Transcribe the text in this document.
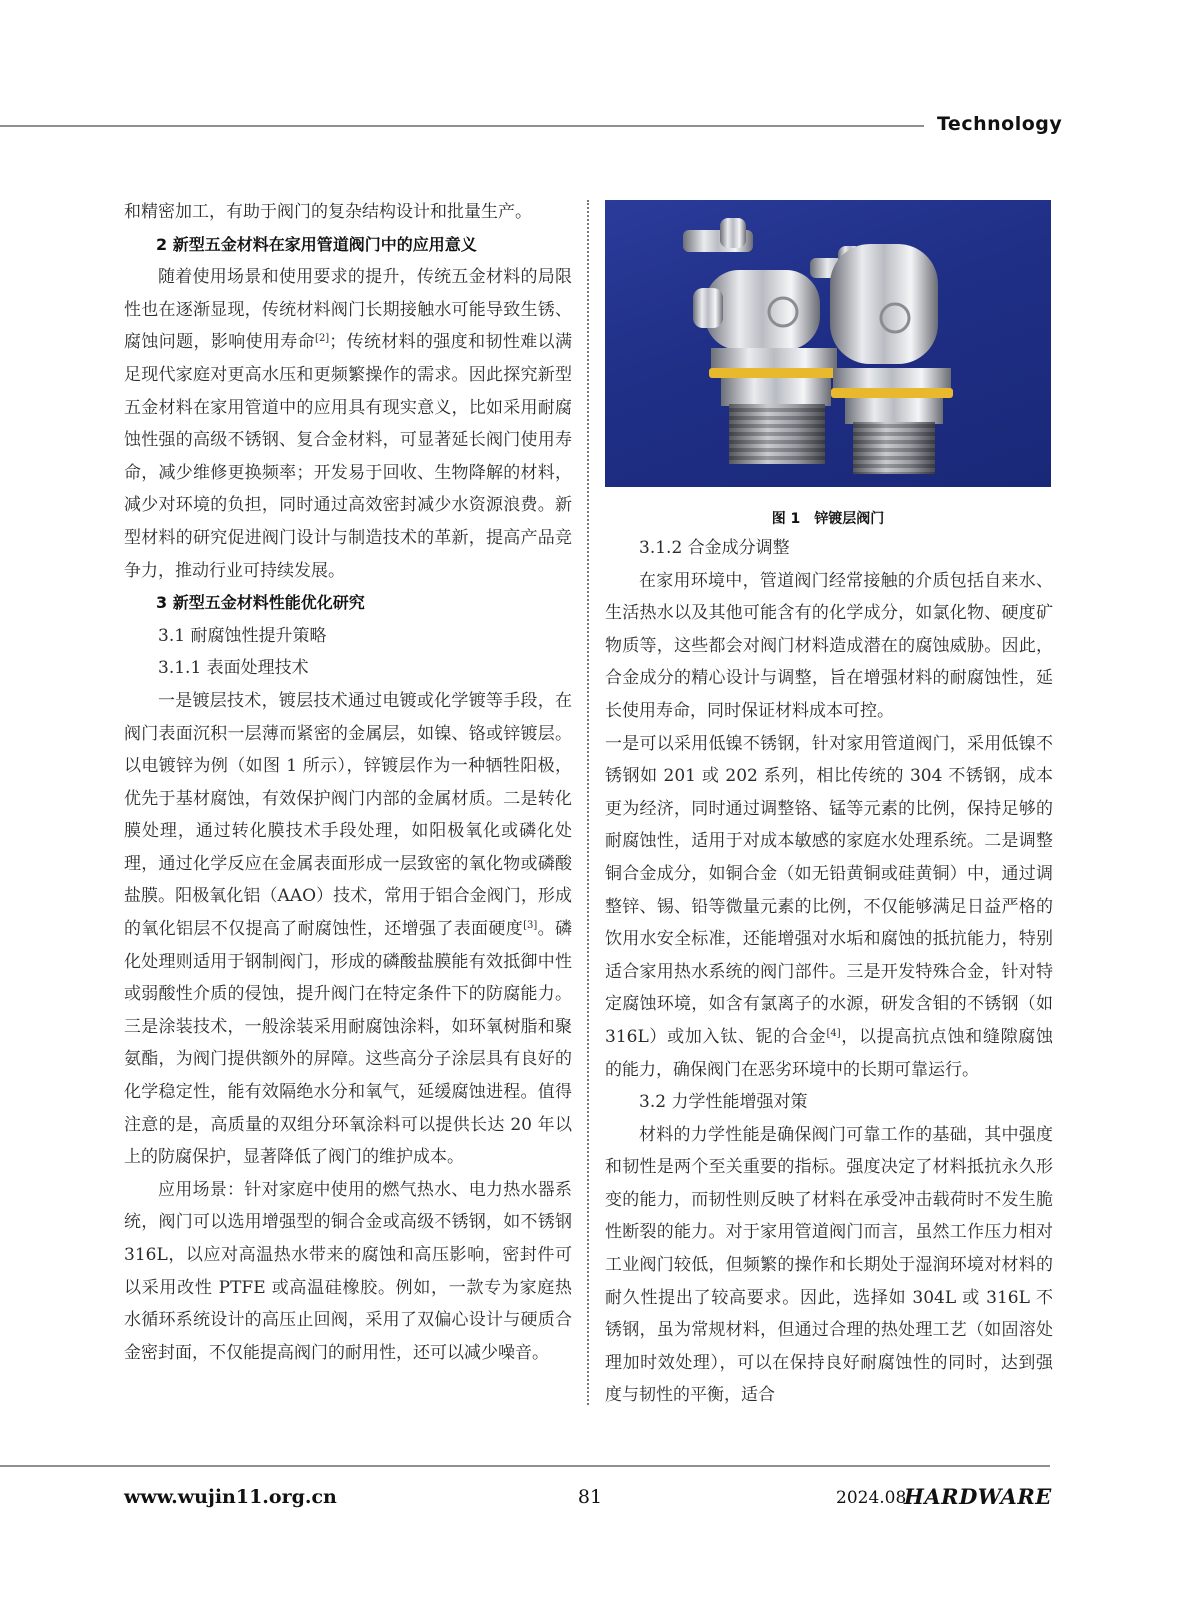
Technology

和精密加工，有助于阀门的复杂结构设计和批量生产。

2 新型五金材料在家用管道阀门中的应用意义

随着使用场景和使用要求的提升，传统五金材料的局限性也在逐渐显现，传统材料阀门长期接触水可能导致生锈、腐蚀问题，影响使用寿命[2]；传统材料的强度和韧性难以满足现代家庭对更高水压和更频繁操作的需求。因此探究新型五金材料在家用管道中的应用具有现实意义，比如采用耐腐蚀性强的高级不锈钢、复合金材料，可显著延长阀门使用寿命，减少维修更换频率；开发易于回收、生物降解的材料，减少对环境的负担，同时通过高效密封减少水资源浪费。新型材料的研究促进阀门设计与制造技术的革新，提高产品竞争力，推动行业可持续发展。

3 新型五金材料性能优化研究

3.1 耐腐蚀性提升策略

3.1.1 表面处理技术

一是镀层技术，镀层技术通过电镀或化学镀等手段，在阀门表面沉积一层薄而紧密的金属层，如镍、铬或锌镀层。以电镀锌为例（如图 1 所示），锌镀层作为一种牺牲阳极，优先于基材腐蚀，有效保护阀门内部的金属材质。二是转化膜处理，通过转化膜技术手段处理，如阳极氧化或磷化处理，通过化学反应在金属表面形成一层致密的氧化物或磷酸盐膜。阳极氧化铝（AAO）技术，常用于铝合金阀门，形成的氧化铝层不仅提高了耐腐蚀性，还增强了表面硬度[3]。磷化处理则适用于钢制阀门，形成的磷酸盐膜能有效抵御中性或弱酸性介质的侵蚀，提升阀门在特定条件下的防腐能力。三是涂装技术，一般涂装采用耐腐蚀涂料，如环氧树脂和聚氨酯，为阀门提供额外的屏障。这些高分子涂层具有良好的化学稳定性，能有效隔绝水分和氧气，延缓腐蚀进程。值得注意的是，高质量的双组分环氧涂料可以提供长达 20 年以上的防腐保护，显著降低了阀门的维护成本。

应用场景：针对家庭中使用的燃气热水、电力热水器系统，阀门可以选用增强型的铜合金或高级不锈钢，如不锈钢 316L，以应对高温热水带来的腐蚀和高压影响，密封件可以采用改性 PTFE 或高温硅橡胶。例如，一款专为家庭热水循环系统设计的高压止回阀，采用了双偏心设计与硬质合金密封面，不仅能提高阀门的耐用性，还可以减少噪音。

图 1 锌镀层阀门

3.1.2 合金成分调整

在家用环境中，管道阀门经常接触的介质包括自来水、生活热水以及其他可能含有的化学成分，如氯化物、硬度矿物质等，这些都会对阀门材料造成潜在的腐蚀威胁。因此，合金成分的精心设计与调整，旨在增强材料的耐腐蚀性，延长使用寿命，同时保证材料成本可控。

一是可以采用低镍不锈钢，针对家用管道阀门，采用低镍不锈钢如 201 或 202 系列，相比传统的 304 不锈钢，成本更为经济，同时通过调整铬、锰等元素的比例，保持足够的耐腐蚀性，适用于对成本敏感的家庭水处理系统。二是调整铜合金成分，如铜合金（如无铅黄铜或硅黄铜）中，通过调整锌、锡、铅等微量元素的比例，不仅能够满足日益严格的饮用水安全标准，还能增强对水垢和腐蚀的抵抗能力，特别适合家用热水系统的阀门部件。三是开发特殊合金，针对特定腐蚀环境，如含有氯离子的水源，研发含钼的不锈钢（如 316L）或加入钛、铌的合金[4]，以提高抗点蚀和缝隙腐蚀的能力，确保阀门在恶劣环境中的长期可靠运行。

3.2 力学性能增强对策

材料的力学性能是确保阀门可靠工作的基础，其中强度和韧性是两个至关重要的指标。强度决定了材料抵抗永久形变的能力，而韧性则反映了材料在承受冲击载荷时不发生脆性断裂的能力。对于家用管道阀门而言，虽然工作压力相对工业阀门较低，但频繁的操作和长期处于湿润环境对材料的耐久性提出了较高要求。因此，选择如 304L 或 316L 不锈钢，虽为常规材料，但通过合理的热处理工艺（如固溶处理加时效处理），可以在保持良好耐腐蚀性的同时，达到强度与韧性的平衡，适合

www.wujin11.org.cn	81	2024.08
HARDWARE
